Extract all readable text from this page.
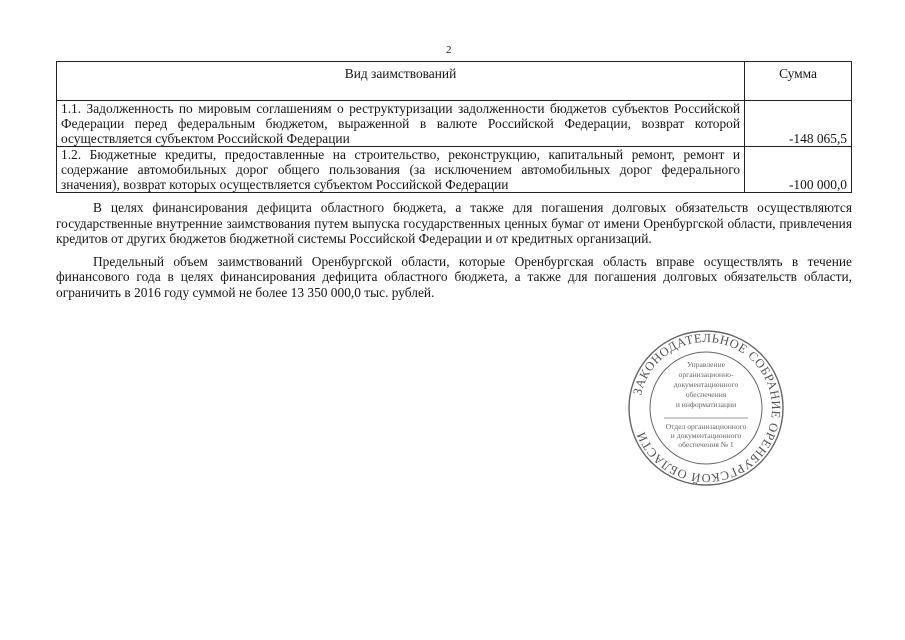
2
Вид заимствований	Сумма
1.1. Задолженность по мировым соглашениям о реструктуризации задолженности бюджетов субъектов Российской Федерации перед федеральным бюджетом, выраженной в валюте Российской Федерации, возврат которой осуществляется субъектом Российской Федерации	-148 065,5
1.2. Бюджетные кредиты, предоставленные на строительство, реконструкцию, капитальный ремонт, ремонт и содержание автомобильных дорог общего пользования (за исключением автомобильных дорог федерального значения), возврат которых осуществляется субъектом Российской Федерации	-100 000,0

В целях финансирования дефицита областного бюджета, а также для погашения долговых обязательств осуществляются государственные внутренние заимствования путем выпуска государственных ценных бумаг от имени Оренбургской области, привлечения кредитов от других бюджетов бюджетной системы Российской Федерации и от кредитных организаций.

Предельный объем заимствований Оренбургской области, которые Оренбургская область вправе осуществлять в течение финансового года в целях финансирования дефицита областного бюджета, а также для погашения долговых обязательств области, ограничить в 2016 году суммой не более 13 350 000,0 тыс. рублей.

ЗАКОНОДАТЕЛЬНОЕ СОБРАНИЕ ОРЕНБУРГСКОЙ ОБЛАСТИ
Управление
организационно-
документационного
обеспечения
и информатизации
Отдел организационного
и документационного
обеспечения № 1
